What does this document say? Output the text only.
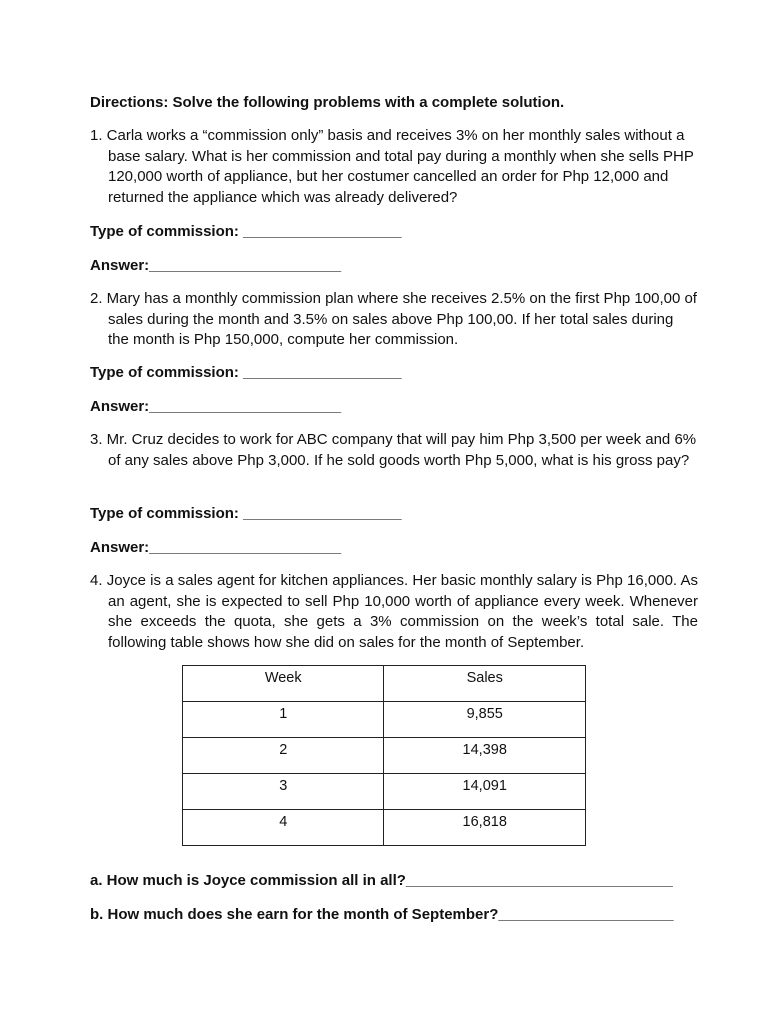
Directions: Solve the following problems with a complete solution.
1. Carla works a “commission only” basis and receives 3% on her monthly sales without a base salary. What is her commission and total pay during a monthly when she sells PHP 120,000 worth of appliance, but her costumer cancelled an order for Php 12,000 and returned the appliance which was already delivered?
Type of commission: ___________________
Answer:_______________________
2. Mary has a monthly commission plan where she receives 2.5% on the first Php 100,00 of sales during the month and 3.5% on sales above Php 100,00. If her total sales during the month is Php 150,000, compute her commission.
Type of commission: ___________________
Answer:_______________________
3. Mr. Cruz decides to work for ABC company that will pay him Php 3,500 per week and 6% of any sales above Php 3,000. If he sold goods worth Php 5,000, what is his gross pay?
Type of commission: ___________________
Answer:_______________________
4. Joyce is a sales agent for kitchen appliances. Her basic monthly salary is Php 16,000. As an agent, she is expected to sell Php 10,000 worth of appliance every week. Whenever she exceeds the quota, she gets a 3% commission on the week’s total sale. The following table shows how she did on sales for the month of September.
Week	Sales
1	9,855
2	14,398
3	14,091
4	16,818
a. How much is Joyce commission all in all?________________________________
b. How much does she earn for the month of September?_____________________
